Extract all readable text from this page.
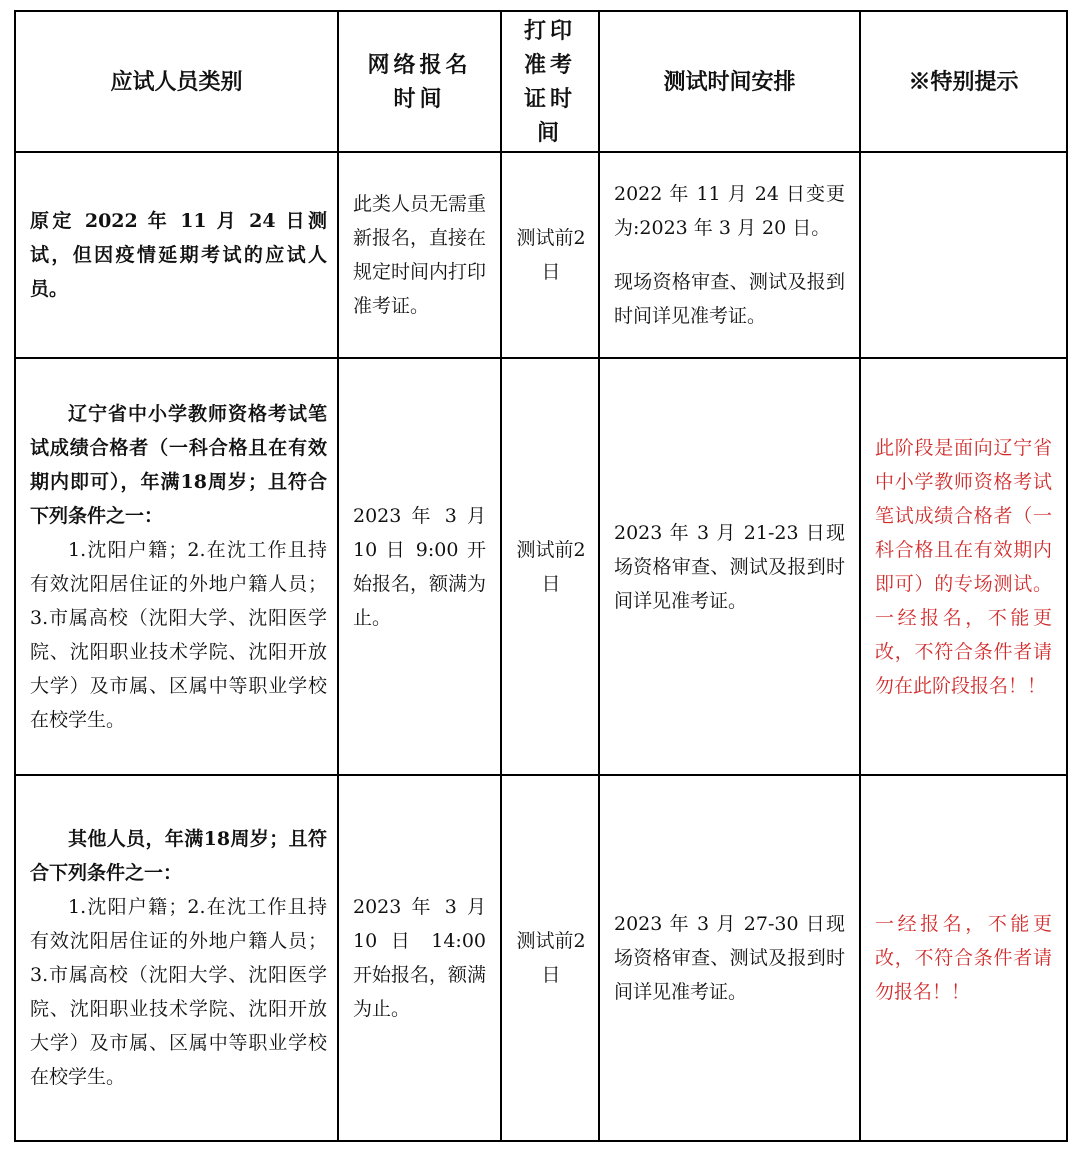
应试人员类别	网络报名时间	打印准考证时间	测试时间安排	※特别提示

原定 2022 年 11 月 24 日测试，但因疫情延期考试的应试人员。	此类人员无需重新报名，直接在规定时间内打印准考证。	测试前2日	2022 年 11 月 24 日变更为:2023 年 3 月 20 日。
现场资格审查、测试及报到时间详见准考证。	

辽宁省中小学教师资格考试笔试成绩合格者（一科合格且在有效期内即可），年满18周岁；且符合下列条件之一：
1.沈阳户籍；2.在沈工作且持有效沈阳居住证的外地户籍人员；3.市属高校（沈阳大学、沈阳医学院、沈阳职业技术学院、沈阳开放大学）及市属、区属中等职业学校在校学生。	2023 年 3 月 10 日 9:00 开始报名，额满为止。	测试前2日	2023 年 3 月 21-23 日现场资格审查、测试及报到时间详见准考证。	此阶段是面向辽宁省中小学教师资格考试笔试成绩合格者（一科合格且在有效期内即可）的专场测试。一经报名，不能更改，不符合条件者请勿在此阶段报名！！

其他人员，年满18周岁；且符合下列条件之一：
1.沈阳户籍；2.在沈工作且持有效沈阳居住证的外地户籍人员；3.市属高校（沈阳大学、沈阳医学院、沈阳职业技术学院、沈阳开放大学）及市属、区属中等职业学校在校学生。	2023 年 3 月 10 日 14:00 开始报名，额满为止。	测试前2日	2023 年 3 月 27-30 日现场资格审查、测试及报到时间详见准考证。	一经报名，不能更改，不符合条件者请勿报名！！
